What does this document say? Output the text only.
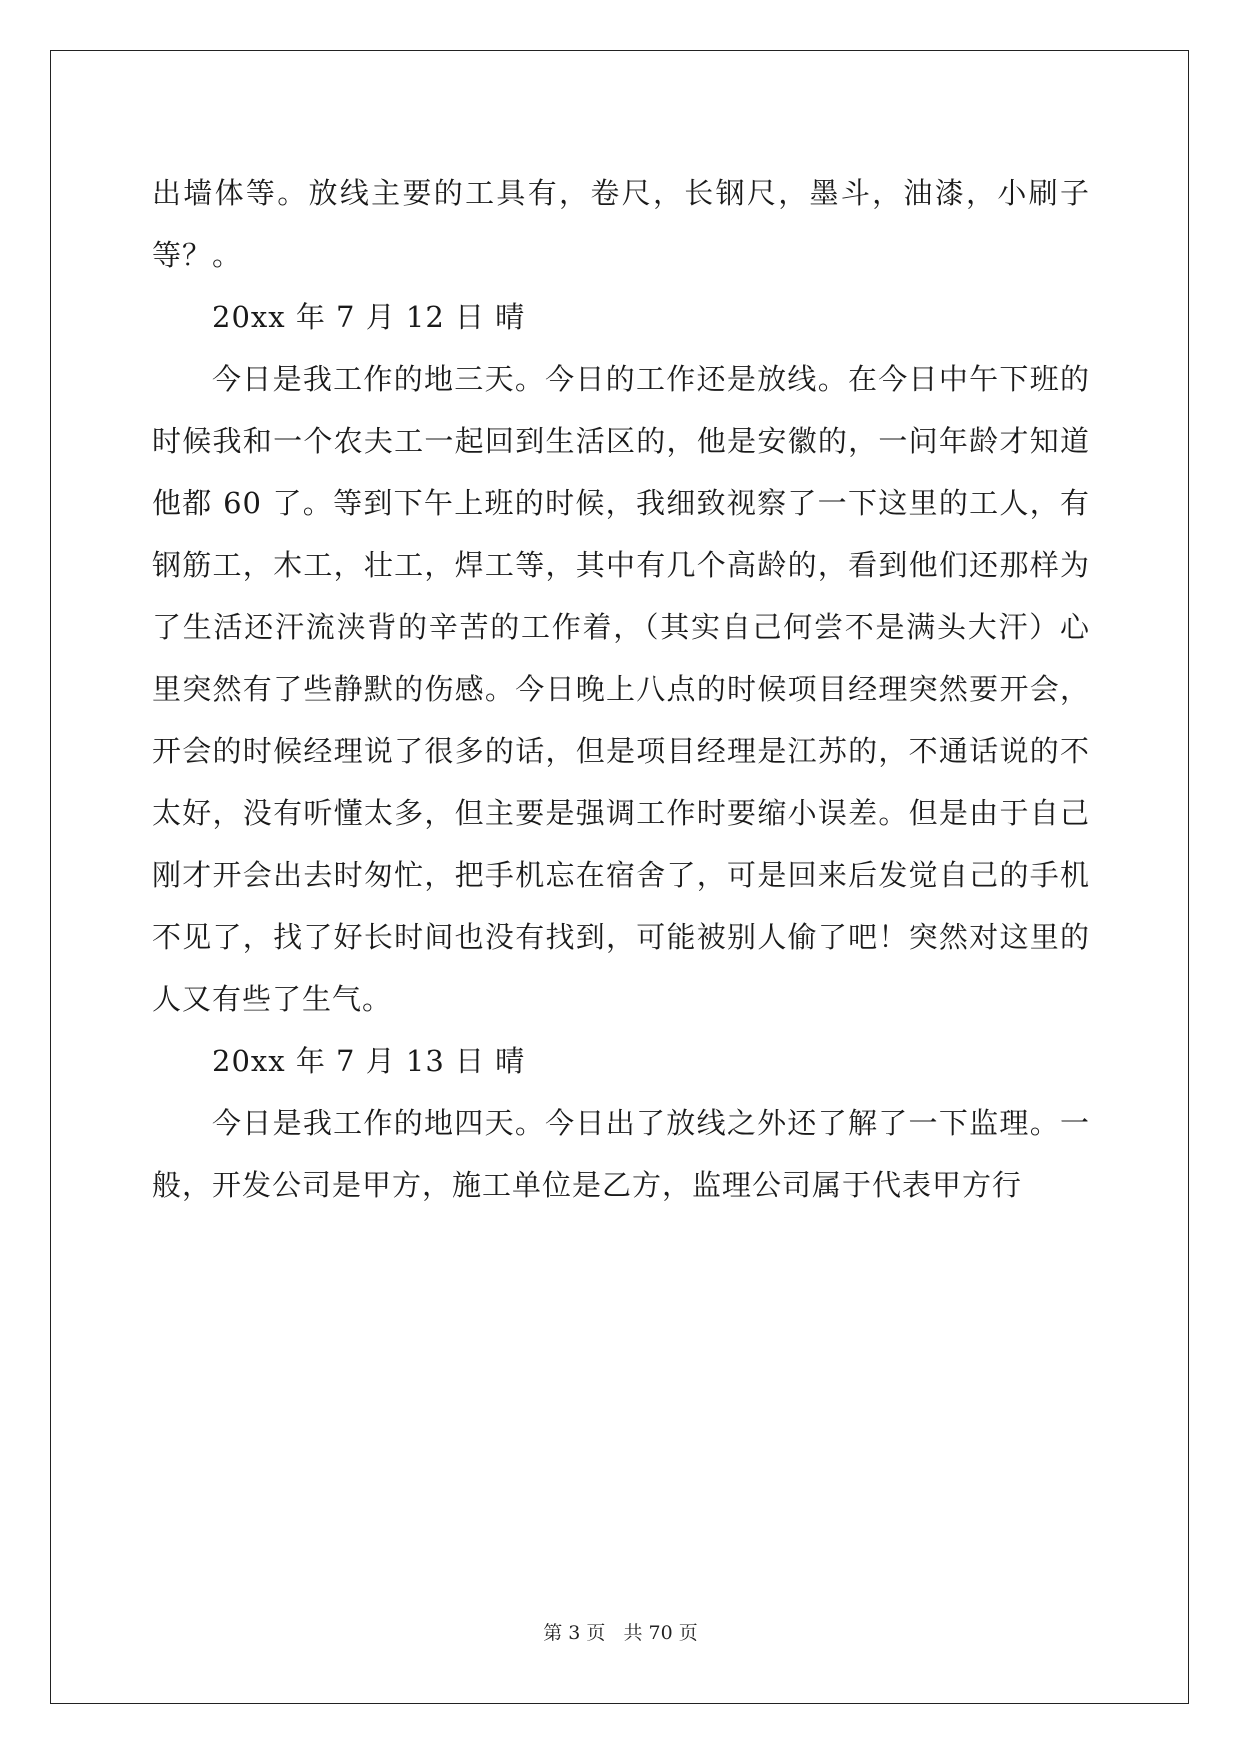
出墙体等。放线主要的工具有，卷尺，长钢尺，墨斗，油漆，小刷子等？。

20xx 年 7 月 12 日 晴

今日是我工作的地三天。今日的工作还是放线。在今日中午下班的时候我和一个农夫工一起回到生活区的，他是安徽的，一问年龄才知道他都 60 了。等到下午上班的时候，我细致视察了一下这里的工人，有钢筋工，木工，壮工，焊工等，其中有几个高龄的，看到他们还那样为了生活还汗流浃背的辛苦的工作着，（其实自己何尝不是满头大汗）心里突然有了些静默的伤感。今日晚上八点的时候项目经理突然要开会，开会的时候经理说了很多的话，但是项目经理是江苏的，不通话说的不太好，没有听懂太多，但主要是强调工作时要缩小误差。但是由于自己刚才开会出去时匆忙，把手机忘在宿舍了，可是回来后发觉自己的手机不见了，找了好长时间也没有找到，可能被别人偷了吧！突然对这里的人又有些了生气。

20xx 年 7 月 13 日 晴

今日是我工作的地四天。今日出了放线之外还了解了一下监理。一般，开发公司是甲方，施工单位是乙方，监理公司属于代表甲方行

第 3 页 共 70 页
